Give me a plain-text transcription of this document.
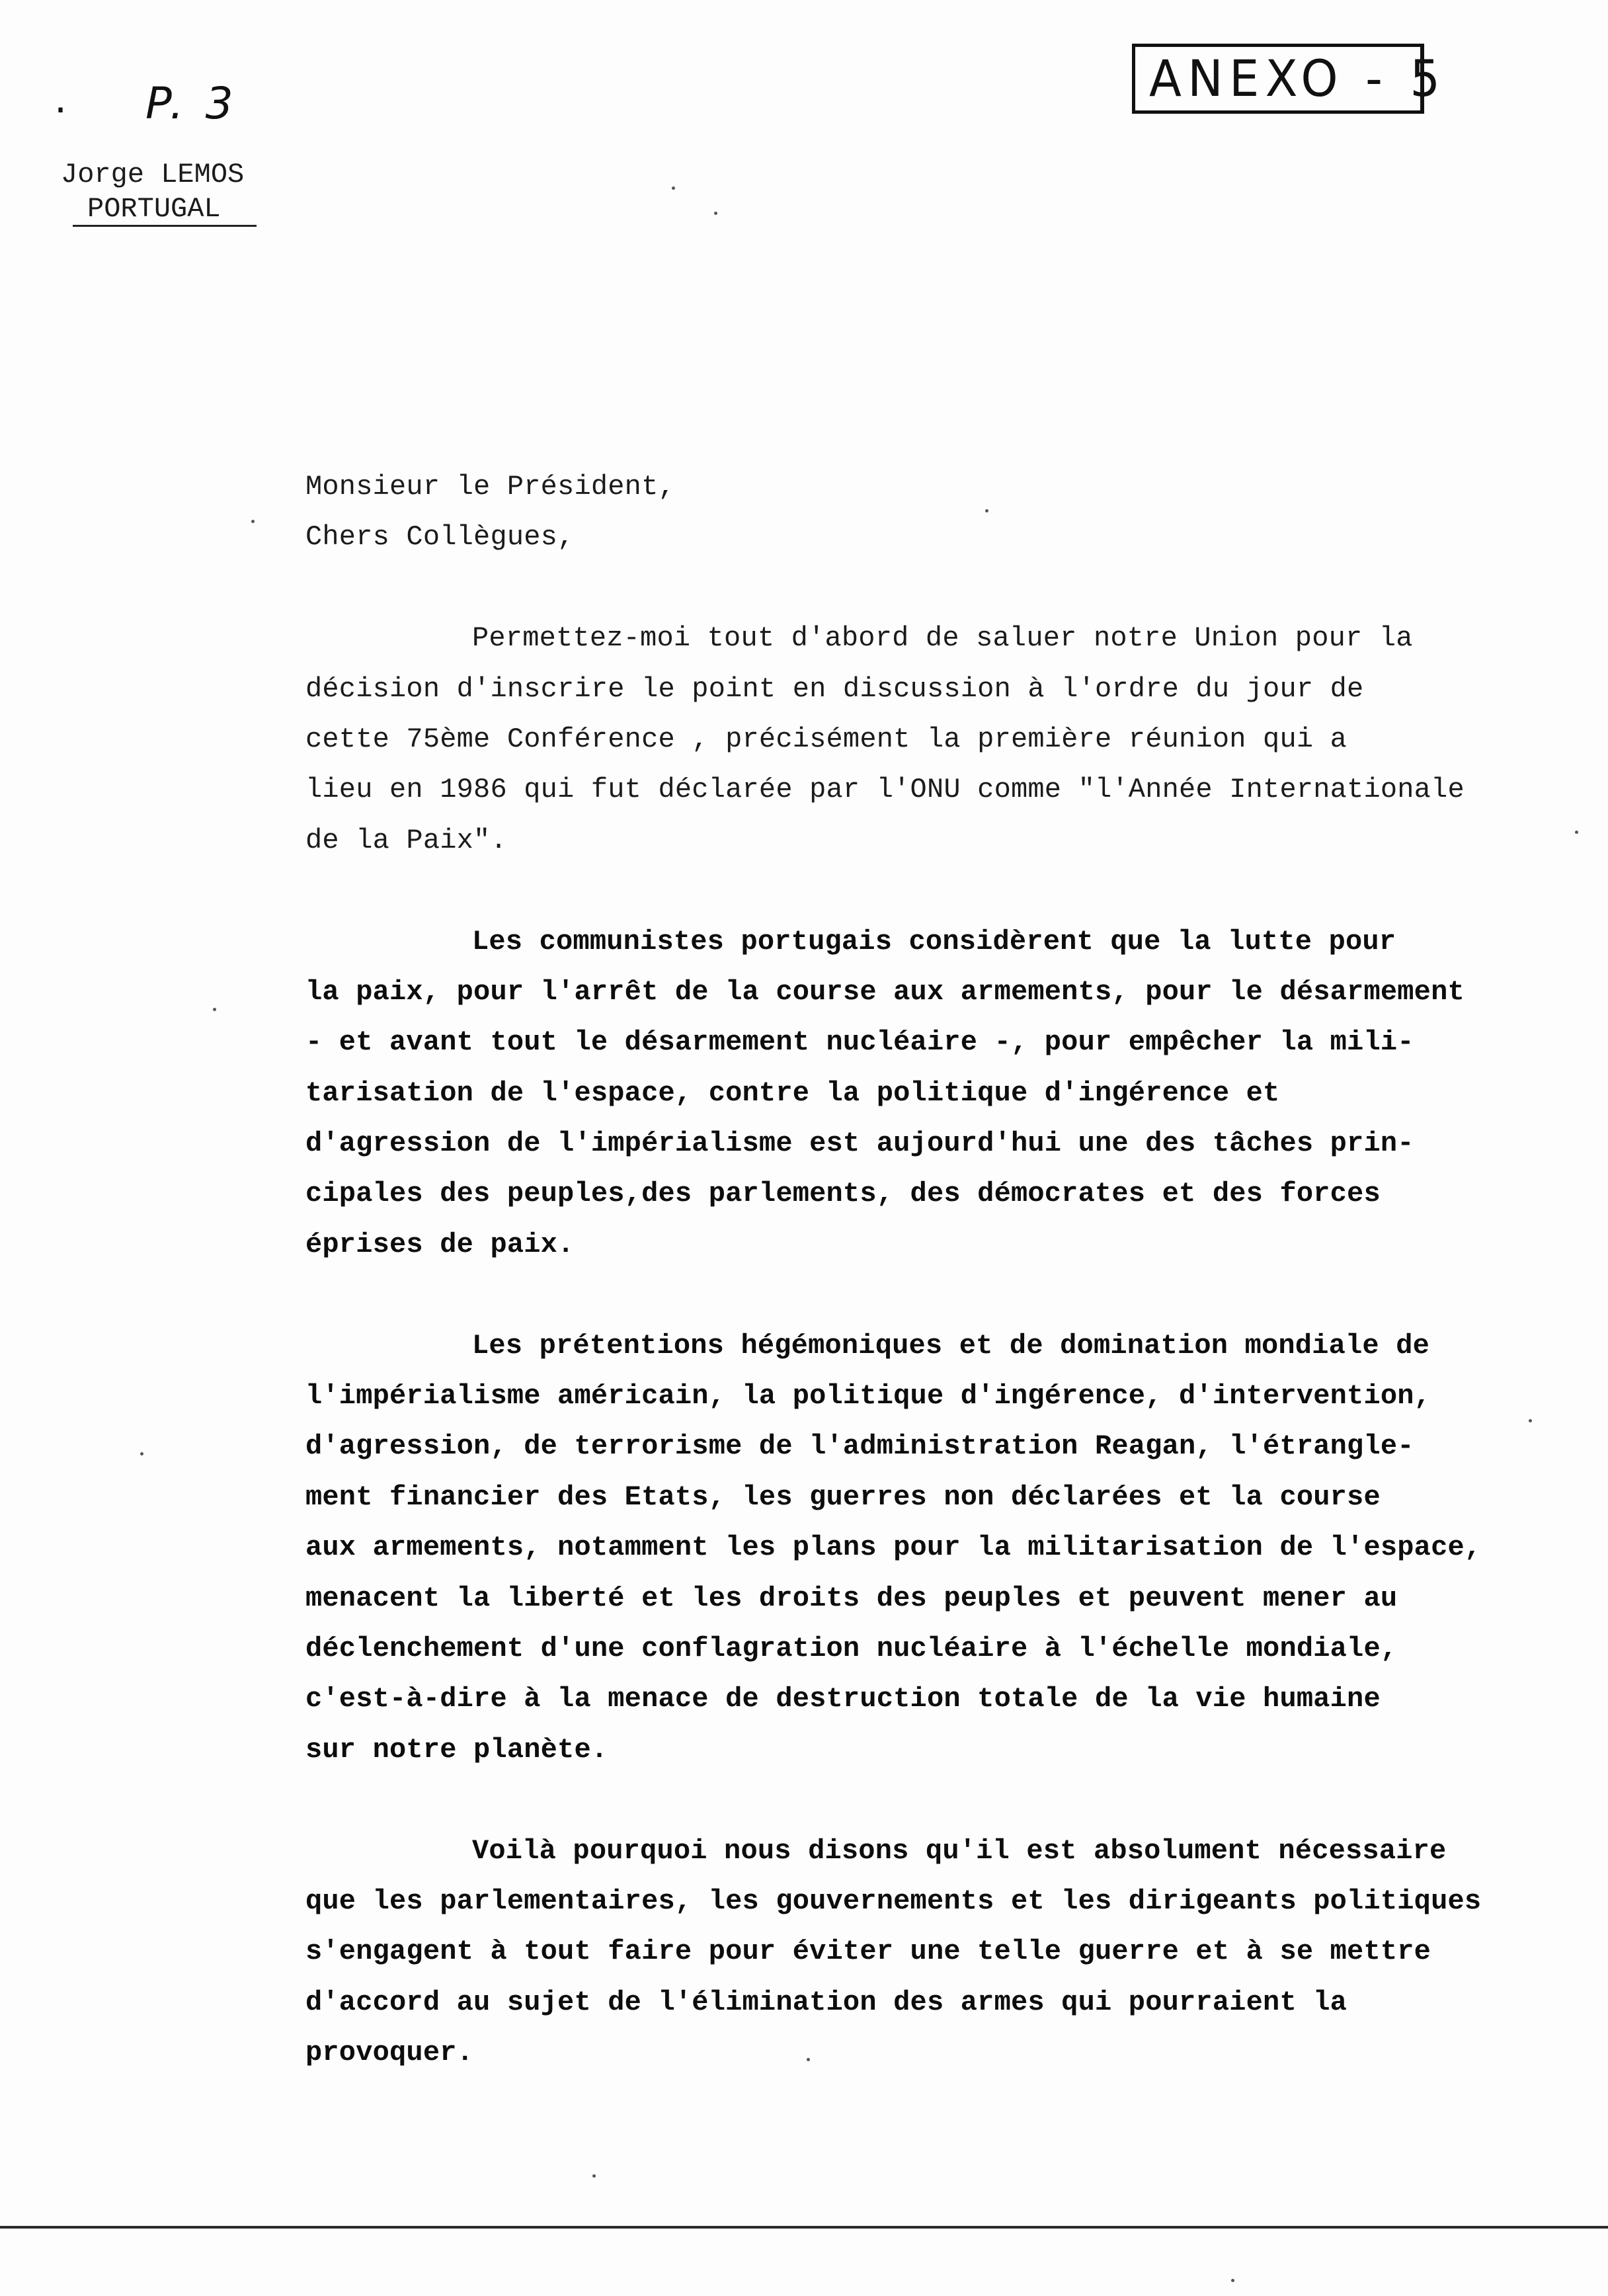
· P. 3	ANEXO - 5
Jorge LEMOS
PORTUGAL
Monsieur le Président,
Chers Collègues,
Permettez-moi tout d'abord de saluer notre Union pour la
décision d'inscrire le point en discussion à l'ordre du jour de
cette 75ème Conférence , précisément la première réunion qui a
lieu en 1986 qui fut déclarée par l'ONU comme "l'Année Internationale
de la Paix".
Les communistes portugais considèrent que la lutte pour
la paix, pour l'arrêt de la course aux armements, pour le désarmement
- et avant tout le désarmement nucléaire -, pour empêcher la mili-
tarisation de l'espace, contre la politique d'ingérence et
d'agression de l'impérialisme est aujourd'hui une des tâches prin-
cipales des peuples,des parlements, des démocrates et des forces
éprises de paix.
Les prétentions hégémoniques et de domination mondiale de
l'impérialisme américain, la politique d'ingérence, d'intervention,
d'agression, de terrorisme de l'administration Reagan, l'étrangle-
ment financier des Etats, les guerres non déclarées et la course
aux armements, notamment les plans pour la militarisation de l'espace,
menacent la liberté et les droits des peuples et peuvent mener au
déclenchement d'une conflagration nucléaire à l'échelle mondiale,
c'est-à-dire à la menace de destruction totale de la vie humaine
sur notre planète.
Voilà pourquoi nous disons qu'il est absolument nécessaire
que les parlementaires, les gouvernements et les dirigeants politiques
s'engagent à tout faire pour éviter une telle guerre et à se mettre
d'accord au sujet de l'élimination des armes qui pourraient la
provoquer.
